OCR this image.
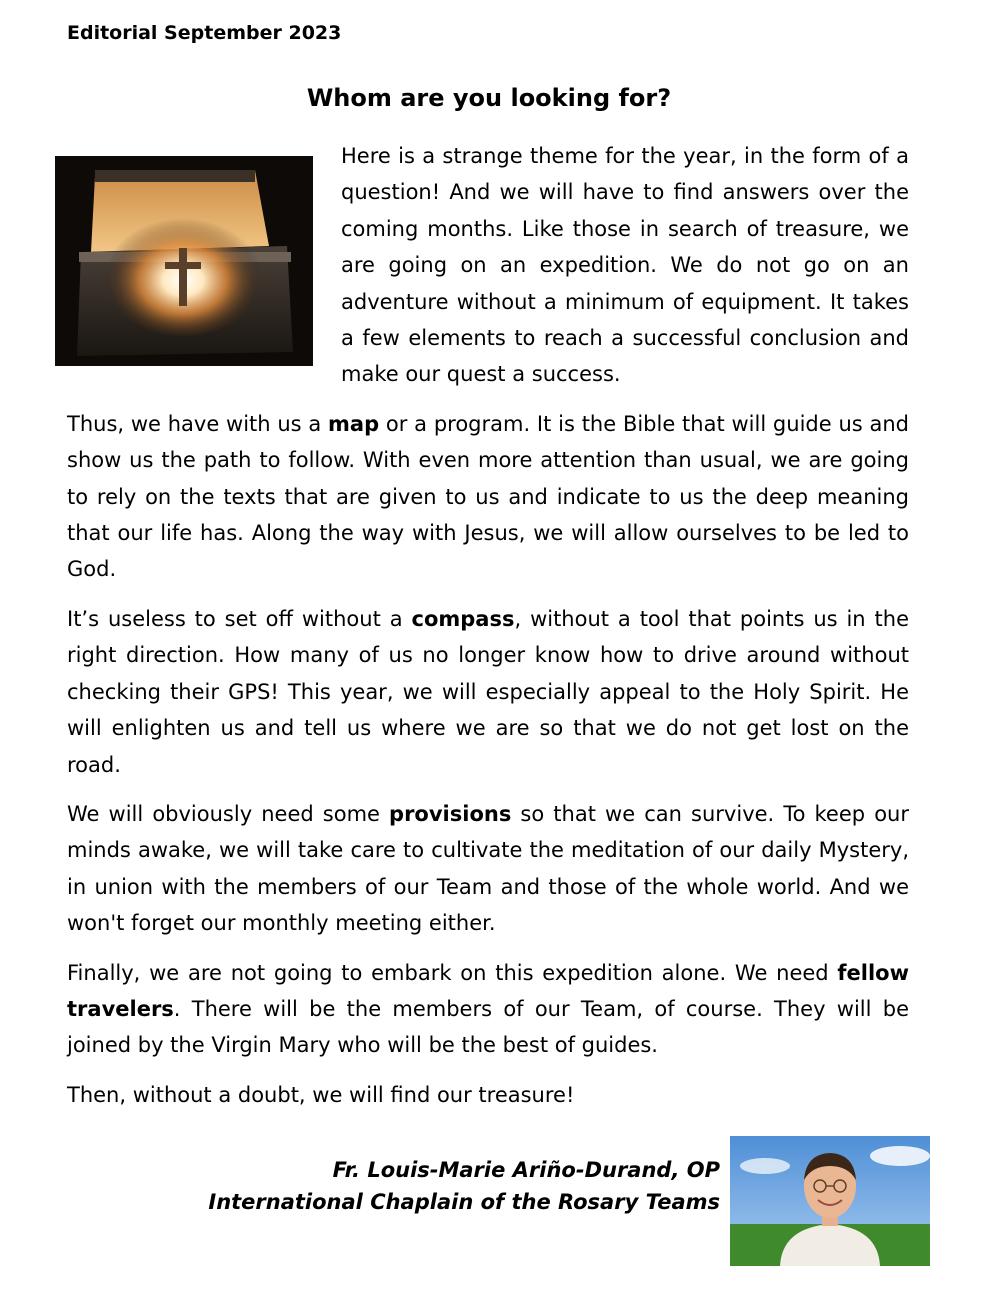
Editorial September 2023
Whom are you looking for?

Here is a strange theme for the year, in the form of a question! And we will have to find answers over the coming months. Like those in search of treasure, we are going on an expedition. We do not go on an adventure without a minimum of equipment. It takes a few elements to reach a successful conclusion and make our quest a success.

Thus, we have with us a map or a program. It is the Bible that will guide us and show us the path to follow. With even more attention than usual, we are going to rely on the texts that are given to us and indicate to us the deep meaning that our life has. Along the way with Jesus, we will allow ourselves to be led to God.

It’s useless to set off without a compass, without a tool that points us in the right direction. How many of us no longer know how to drive around without checking their GPS! This year, we will especially appeal to the Holy Spirit. He will enlighten us and tell us where we are so that we do not get lost on the road.

We will obviously need some provisions so that we can survive. To keep our minds awake, we will take care to cultivate the meditation of our daily Mystery, in union with the members of our Team and those of the whole world. And we won't forget our monthly meeting either.

Finally, we are not going to embark on this expedition alone. We need fellow travelers. There will be the members of our Team, of course. They will be joined by the Virgin Mary who will be the best of guides.

Then, without a doubt, we will find our treasure!

Fr. Louis-Marie Ariño-Durand, OP
International Chaplain of the Rosary Teams
